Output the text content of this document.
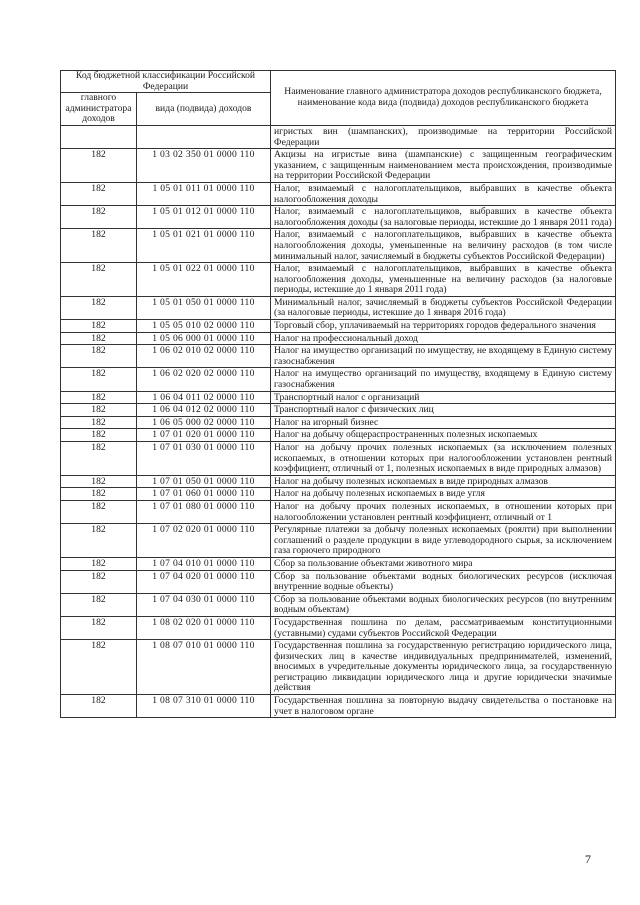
Код бюджетной классификации Российской Федерации		Наименование главного администратора доходов республиканского бюджета, наименование кода вида (подвида) доходов республиканского бюджета
главного администратора доходов	вида (подвида) доходов	
		игристых вин (шампанских), производимые на территории Российской Федерации
182	1 03 02 350 01 0000 110	Акцизы на игристые вина (шампанские) с защищенным географическим указанием, с защищенным наименованием места происхождения, производимые на территории Российской Федерации
182	1 05 01 011 01 0000 110	Налог, взимаемый с налогоплательщиков, выбравших в качестве объекта налогообложения доходы
182	1 05 01 012 01 0000 110	Налог, взимаемый с налогоплательщиков, выбравших в качестве объекта налогообложения доходы (за налоговые периоды, истекшие до 1 января 2011 года)
182	1 05 01 021 01 0000 110	Налог, взимаемый с налогоплательщиков, выбравших в качестве объекта налогообложения доходы, уменьшенные на величину расходов (в том числе минимальный налог, зачисляемый в бюджеты субъектов Российской Федерации)
182	1 05 01 022 01 0000 110	Налог, взимаемый с налогоплательщиков, выбравших в качестве объекта налогообложения доходы, уменьшенные на величину расходов (за налоговые периоды, истекшие до 1 января 2011 года)
182	1 05 01 050 01 0000 110	Минимальный налог, зачисляемый в бюджеты субъектов Российской Федерации (за налоговые периоды, истекшие до 1 января 2016 года)
182	1 05 05 010 02 0000 110	Торговый сбор, уплачиваемый на территориях городов федерального значения
182	1 05 06 000 01 0000 110	Налог на профессиональный доход
182	1 06 02 010 02 0000 110	Налог на имущество организаций по имуществу, не входящему в Единую систему газоснабжения
182	1 06 02 020 02 0000 110	Налог на имущество организаций по имуществу, входящему в Единую систему газоснабжения
182	1 06 04 011 02 0000 110	Транспортный налог с организаций
182	1 06 04 012 02 0000 110	Транспортный налог с физических лиц
182	1 06 05 000 02 0000 110	Налог на игорный бизнес
182	1 07 01 020 01 0000 110	Налог на добычу общераспространенных полезных ископаемых
182	1 07 01 030 01 0000 110	Налог на добычу прочих полезных ископаемых (за исключением полезных ископаемых, в отношении которых при налогообложении установлен рентный коэффициент, отличный от 1, полезных ископаемых в виде природных алмазов)
182	1 07 01 050 01 0000 110	Налог на добычу полезных ископаемых в виде природных алмазов
182	1 07 01 060 01 0000 110	Налог на добычу полезных ископаемых в виде угля
182	1 07 01 080 01 0000 110	Налог на добычу прочих полезных ископаемых, в отношении которых при налогообложении установлен рентный коэффициент, отличный от 1
182	1 07 02 020 01 0000 110	Регулярные платежи за добычу полезных ископаемых (роялти) при выполнении соглашений о разделе продукции в виде углеводородного сырья, за исключением газа горючего природного
182	1 07 04 010 01 0000 110	Сбор за пользование объектами животного мира
182	1 07 04 020 01 0000 110	Сбор за пользование объектами водных биологических ресурсов (исключая внутренние водные объекты)
182	1 07 04 030 01 0000 110	Сбор за пользование объектами водных биологических ресурсов (по внутренним водным объектам)
182	1 08 02 020 01 0000 110	Государственная пошлина по делам, рассматриваемым конституционными (уставными) судами субъектов Российской Федерации
182	1 08 07 010 01 0000 110	Государственная пошлина за государственную регистрацию юридического лица, физических лиц в качестве индивидуальных предпринимателей, изменений, вносимых в учредительные документы юридического лица, за государственную регистрацию ликвидации юридического лица и другие юридически значимые действия
182	1 08 07 310 01 0000 110	Государственная пошлина за повторную выдачу свидетельства о постановке на учет в налоговом органе
7
